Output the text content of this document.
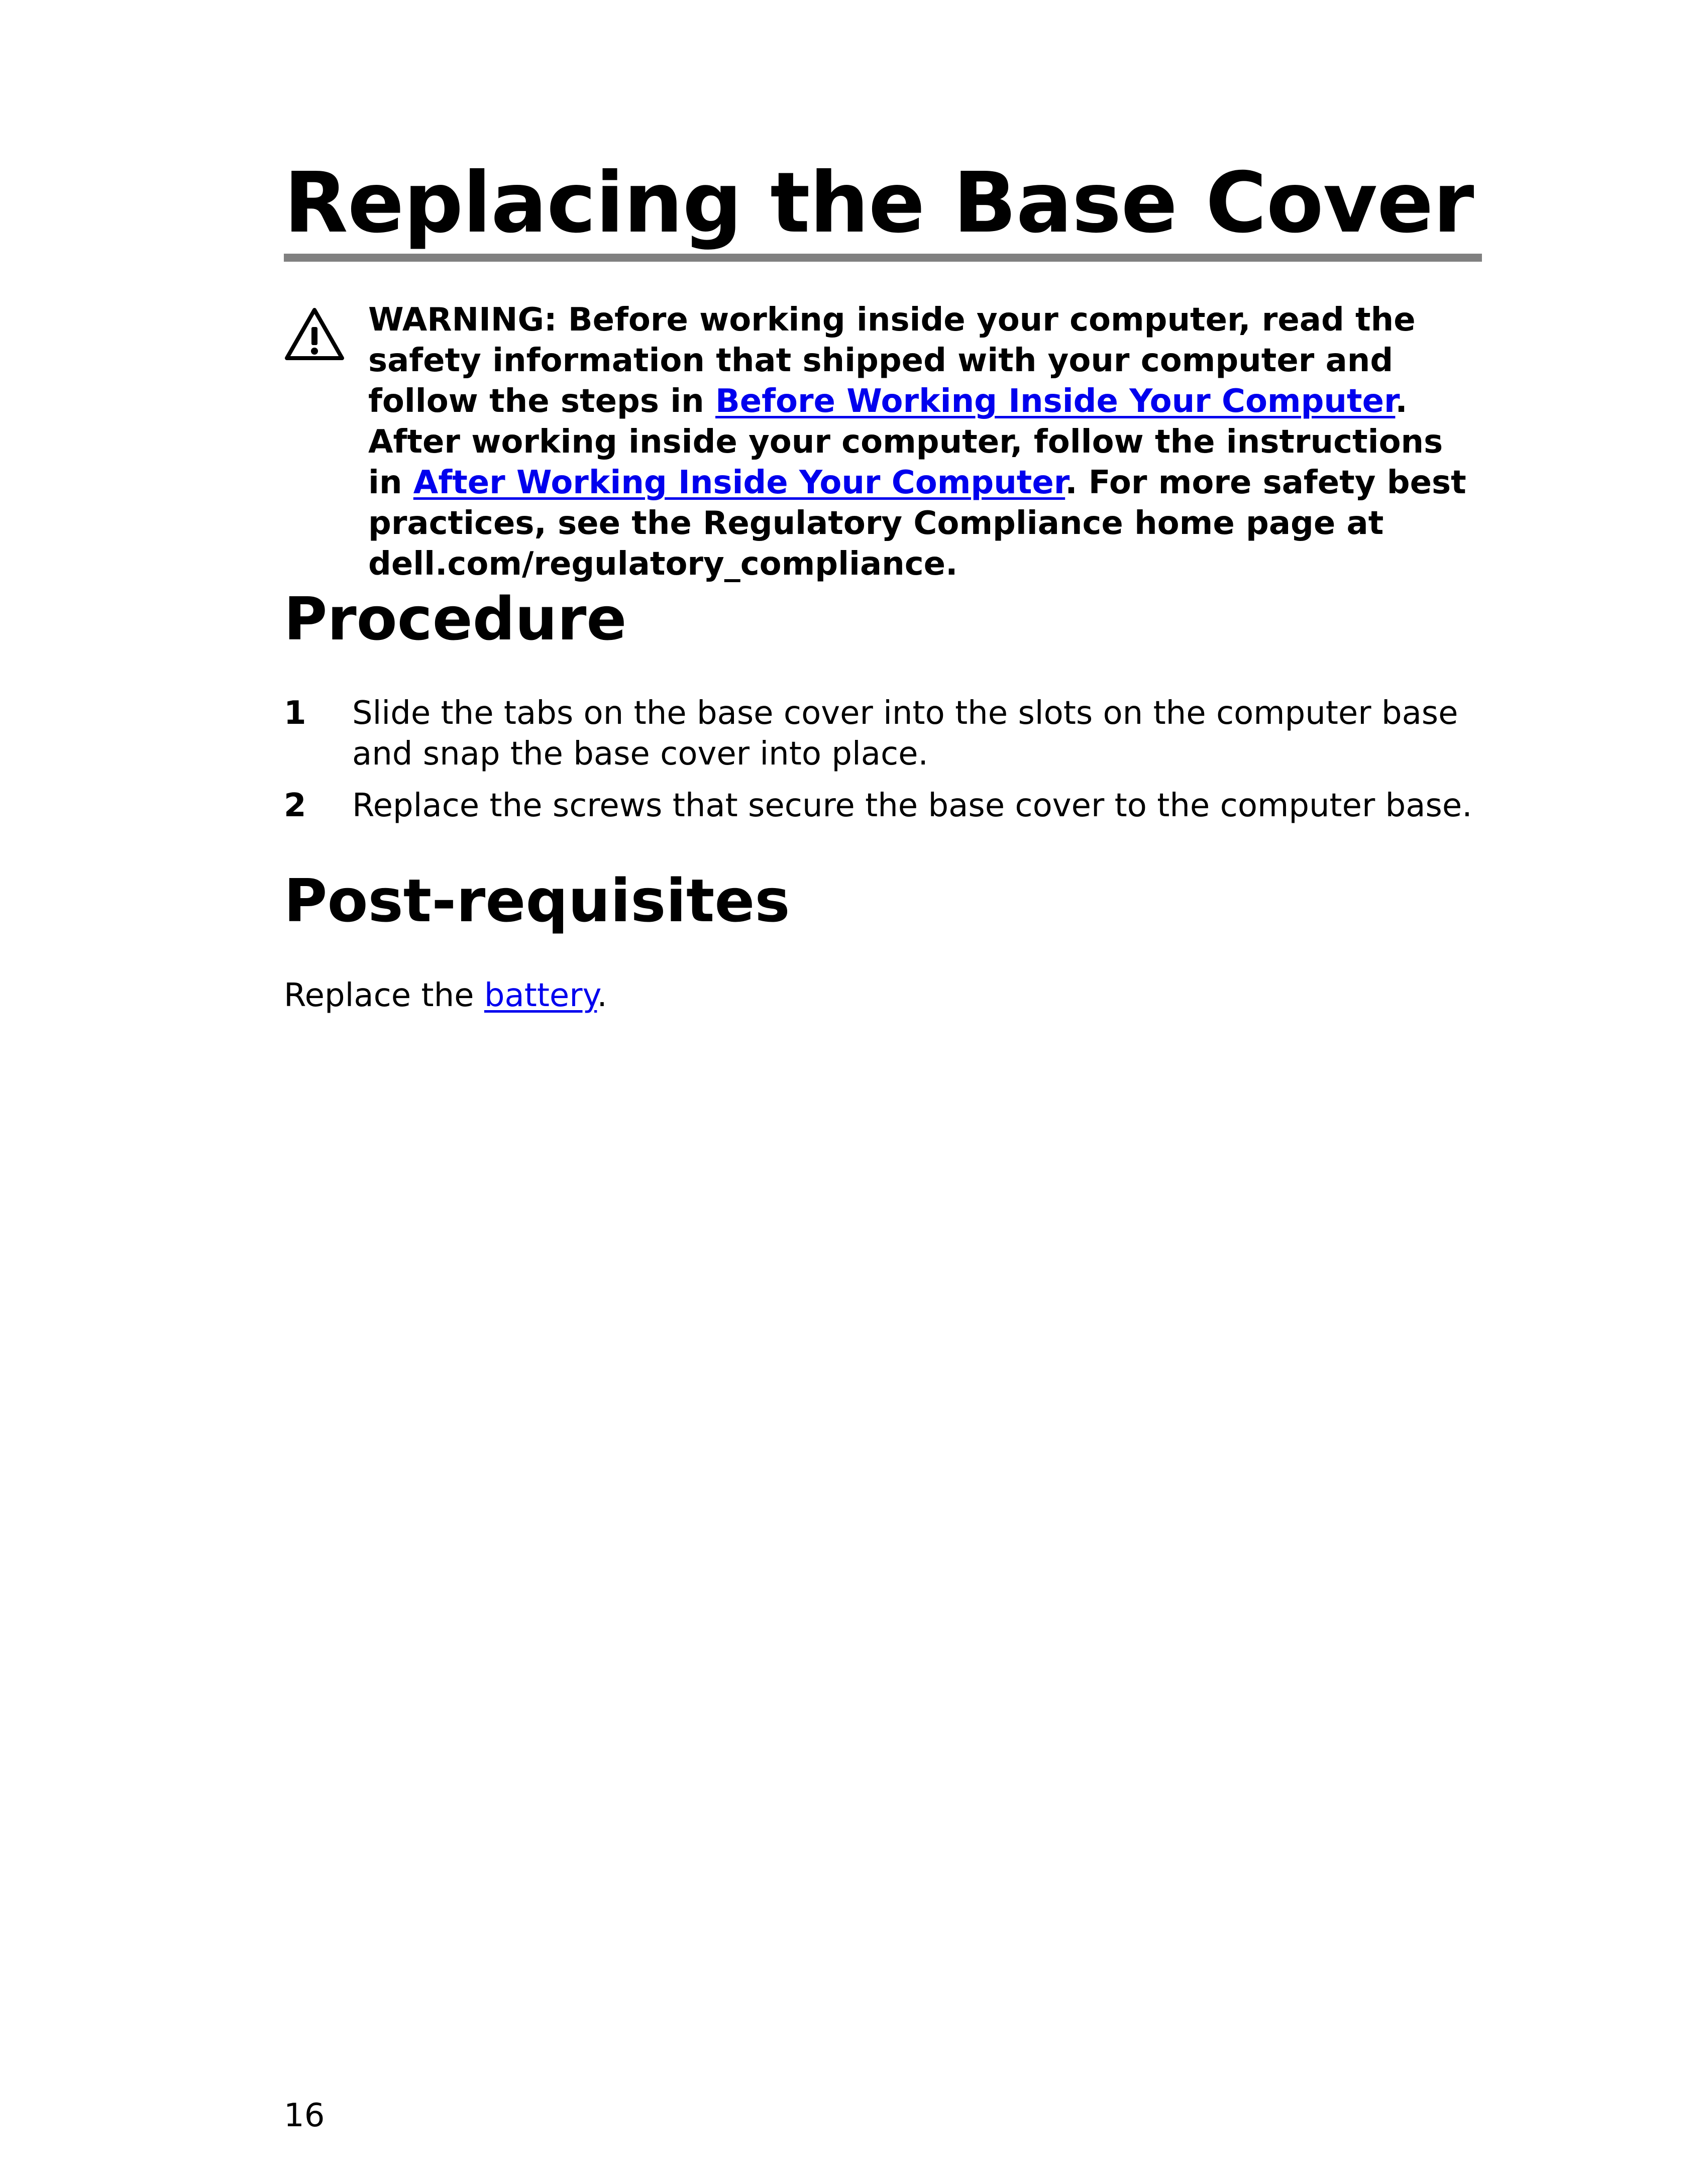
Replacing the Base Cover

WARNING: Before working inside your computer, read the safety information that shipped with your computer and follow the steps in Before Working Inside Your Computer. After working inside your computer, follow the instructions in After Working Inside Your Computer. For more safety best practices, see the Regulatory Compliance home page at dell.com/regulatory_compliance.

Procedure
1 Slide the tabs on the base cover into the slots on the computer base and snap the base cover into place.
2 Replace the screws that secure the base cover to the computer base.
Post-requisites

Replace the battery.

16
